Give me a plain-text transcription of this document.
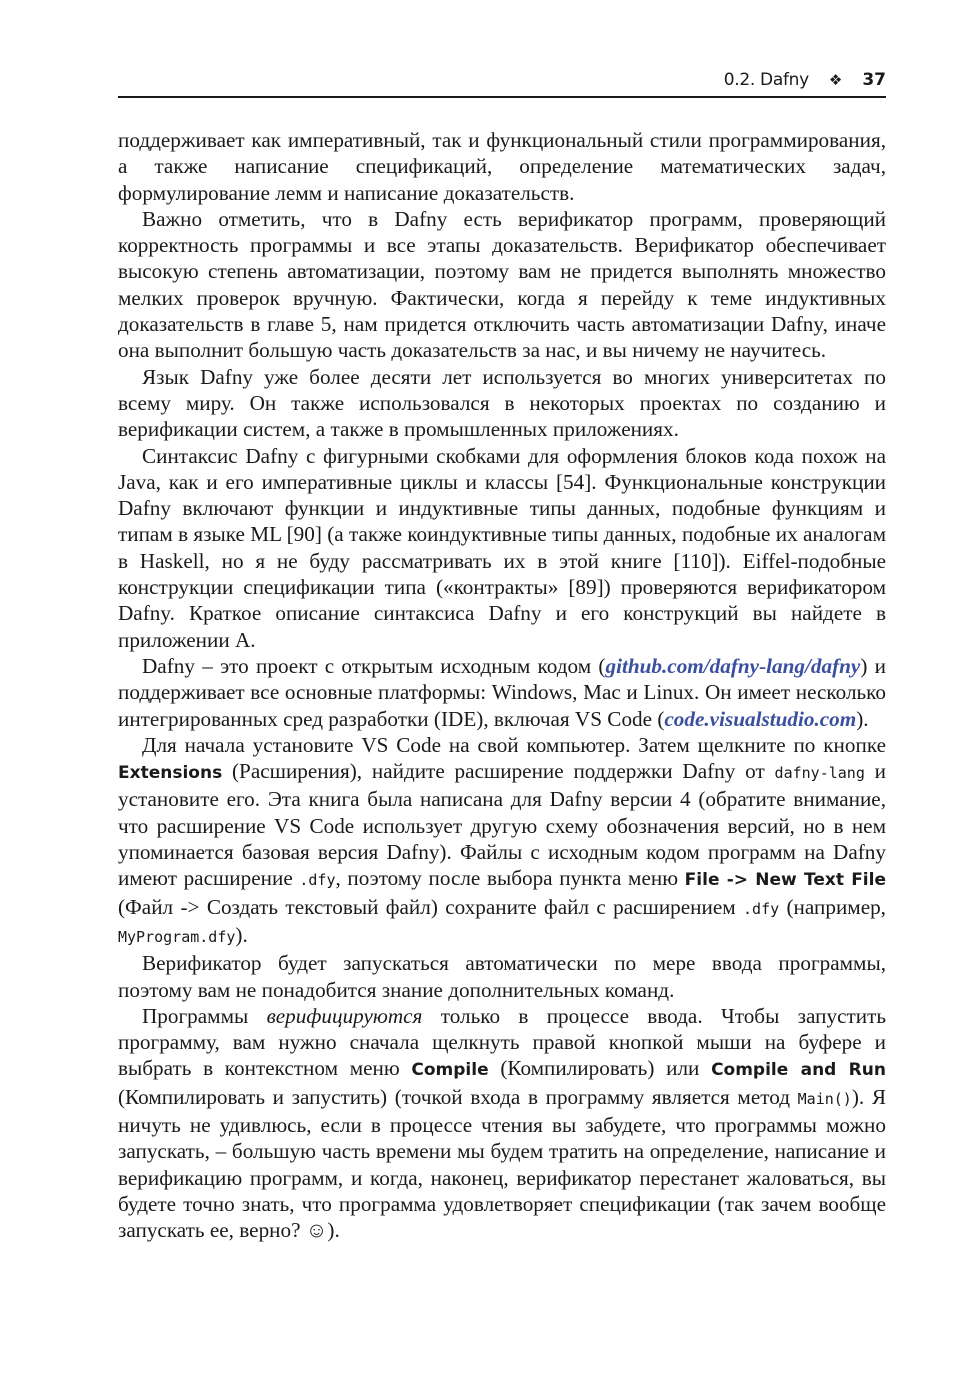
0.2. Dafny	❖	37

поддерживает как императивный, так и функциональный стили программирования, а также написание спецификаций, определение математических задач, формулирование лемм и написание доказательств.

Важно отметить, что в Dafny есть верификатор программ, проверяющий корректность программы и все этапы доказательств. Верификатор обеспечивает высокую степень автоматизации, поэтому вам не придется выполнять множество мелких проверок вручную. Фактически, когда я перейду к теме индуктивных доказательств в главе 5, нам придется отключить часть автоматизации Dafny, иначе она выполнит большую часть доказательств за нас, и вы ничему не научитесь.

Язык Dafny уже более десяти лет используется во многих университетах по всему миру. Он также использовался в некоторых проектах по созданию и верификации систем, а также в промышленных приложениях.

Синтаксис Dafny с фигурными скобками для оформления блоков кода похож на Java, как и его императивные циклы и классы [54]. Функциональные конструкции Dafny включают функции и индуктивные типы данных, подобные функциям и типам в языке ML [90] (а также коиндуктивные типы данных, подобные их аналогам в Haskell, но я не буду рассматривать их в этой книге [110]). Eiffel-подобные конструкции спецификации типа («контракты» [89]) проверяются верификатором Dafny. Краткое описание синтаксиса Dafny и его конструкций вы найдете в приложении A.

Dafny – это проект с открытым исходным кодом (github.com/dafny-lang/dafny) и поддерживает все основные платформы: Windows, Mac и Linux. Он имеет несколько интегрированных сред разработки (IDE), включая VS Code (code.visualstudio.com).

Для начала установите VS Code на свой компьютер. Затем щелкните по кнопке Extensions (Расширения), найдите расширение поддержки Dafny от dafny-lang и установите его. Эта книга была написана для Dafny версии 4 (обратите внимание, что расширение VS Code использует другую схему обозначения версий, но в нем упоминается базовая версия Dafny). Файлы с исходным кодом программ на Dafny имеют расширение .dfy, поэтому после выбора пункта меню File -> New Text File (Файл -> Создать текстовый файл) сохраните файл с расширением .dfy (например, MyProgram.dfy).

Верификатор будет запускаться автоматически по мере ввода программы, поэтому вам не понадобится знание дополнительных команд.

Программы верифицируются только в процессе ввода. Чтобы запустить программу, вам нужно сначала щелкнуть правой кнопкой мыши на буфере и выбрать в контекстном меню Compile (Компилировать) или Compile and Run (Компилировать и запустить) (точкой входа в программу является метод Main()). Я ничуть не удивлюсь, если в процессе чтения вы забудете, что программы можно запускать, – большую часть времени мы будем тратить на определение, написание и верификацию программ, и когда, наконец, верификатор перестанет жаловаться, вы будете точно знать, что программа удовлетворяет спецификации (так зачем вообще запускать ее, верно? ☺).
